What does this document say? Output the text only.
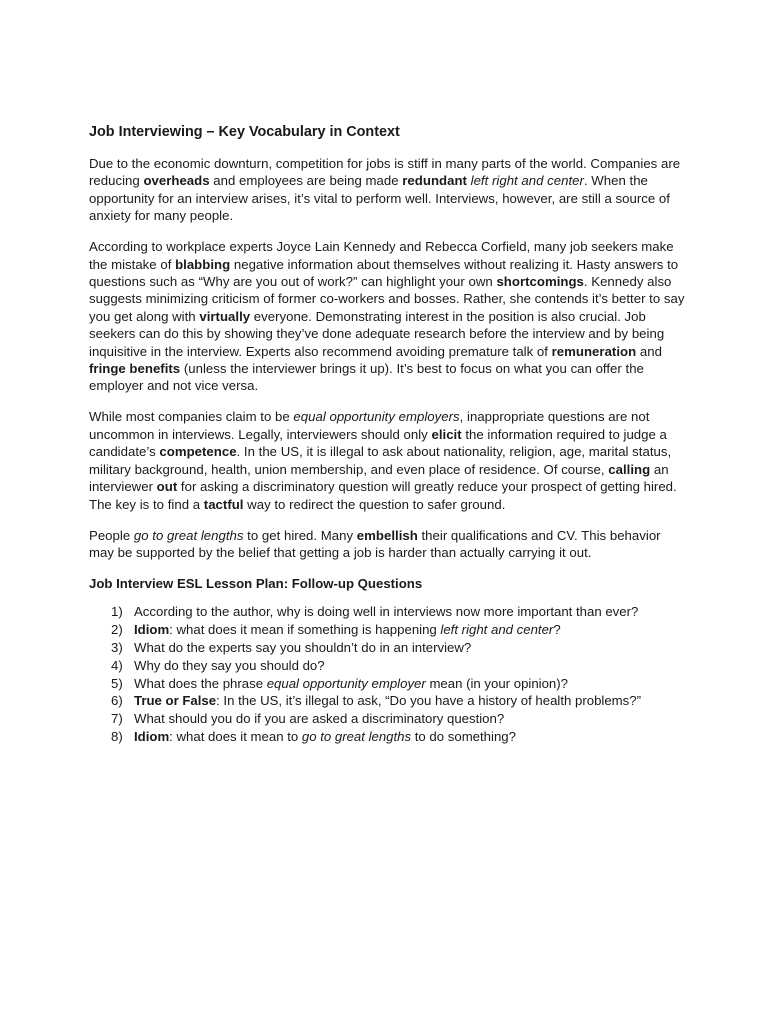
Job Interviewing – Key Vocabulary in Context

Due to the economic downturn, competition for jobs is stiff in many parts of the world. Companies are reducing overheads and employees are being made redundant left right and center. When the opportunity for an interview arises, it’s vital to perform well. Interviews, however, are still a source of anxiety for many people.

According to workplace experts Joyce Lain Kennedy and Rebecca Corfield, many job seekers make the mistake of blabbing negative information about themselves without realizing it. Hasty answers to questions such as “Why are you out of work?” can highlight your own shortcomings. Kennedy also suggests minimizing criticism of former co-workers and bosses. Rather, she contends it’s better to say you get along with virtually everyone. Demonstrating interest in the position is also crucial. Job seekers can do this by showing they’ve done adequate research before the interview and by being inquisitive in the interview. Experts also recommend avoiding premature talk of remuneration and fringe benefits (unless the interviewer brings it up). It’s best to focus on what you can offer the employer and not vice versa.

While most companies claim to be equal opportunity employers, inappropriate questions are not uncommon in interviews. Legally, interviewers should only elicit the information required to judge a candidate’s competence. In the US, it is illegal to ask about nationality, religion, age, marital status, military background, health, union membership, and even place of residence. Of course, calling an interviewer out for asking a discriminatory question will greatly reduce your prospect of getting hired. The key is to find a tactful way to redirect the question to safer ground.

People go to great lengths to get hired. Many embellish their qualifications and CV. This behavior may be supported by the belief that getting a job is harder than actually carrying it out.

Job Interview ESL Lesson Plan: Follow-up Questions
1) According to the author, why is doing well in interviews now more important than ever?
2) Idiom: what does it mean if something is happening left right and center?
3) What do the experts say you shouldn’t do in an interview?
4) Why do they say you should do?
5) What does the phrase equal opportunity employer mean (in your opinion)?
6) True or False: In the US, it’s illegal to ask, “Do you have a history of health problems?”
7) What should you do if you are asked a discriminatory question?
8) Idiom: what does it mean to go to great lengths to do something?
